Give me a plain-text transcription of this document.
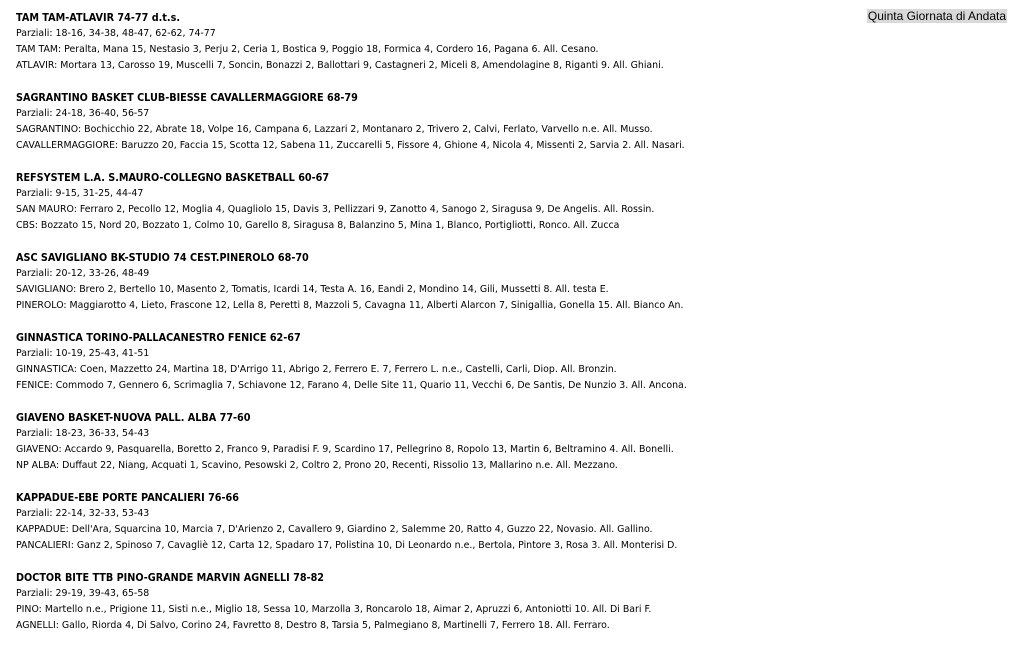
Quinta Giornata di Andata
TAM TAM-ATLAVIR 74-77 d.t.s.
Parziali: 18-16, 34-38, 48-47, 62-62, 74-77
TAM TAM: Peralta, Mana 15, Nestasio 3, Perju 2, Ceria 1, Bostica 9, Poggio 18, Formica 4, Cordero 16, Pagana 6. All. Cesano.
ATLAVIR: Mortara 13, Carosso 19, Muscelli 7, Soncin, Bonazzi 2, Ballottari 9, Castagneri 2, Miceli 8, Amendolagine 8, Riganti 9. All. Ghiani.
SAGRANTINO BASKET CLUB-BIESSE CAVALLERMAGGIORE 68-79
Parziali: 24-18, 36-40, 56-57
SAGRANTINO: Bochicchio 22, Abrate 18, Volpe 16, Campana 6, Lazzari 2, Montanaro 2, Trivero 2, Calvi, Ferlato, Varvello n.e. All. Musso.
CAVALLERMAGGIORE: Baruzzo 20, Faccia 15, Scotta 12, Sabena 11, Zuccarelli 5, Fissore 4, Ghione 4, Nicola 4, Missenti 2, Sarvia 2. All. Nasari.
REFSYSTEM L.A. S.MAURO-COLLEGNO BASKETBALL 60-67
Parziali: 9-15, 31-25, 44-47
SAN MAURO: Ferraro 2, Pecollo 12, Moglia 4, Quagliolo 15, Davis 3, Pellizzari 9, Zanotto 4, Sanogo 2, Siragusa 9, De Angelis. All. Rossin.
CBS: Bozzato 15, Nord 20, Bozzato 1, Colmo 10, Garello 8, Siragusa 8, Balanzino 5, Mina 1, Blanco, Portigliotti, Ronco. All. Zucca
ASC SAVIGLIANO BK-STUDIO 74 CEST.PINEROLO 68-70
Parziali: 20-12, 33-26, 48-49
SAVIGLIANO: Brero 2, Bertello 10, Masento 2, Tomatis, Icardi 14, Testa A. 16, Eandi 2, Mondino 14, Gili, Mussetti 8. All. testa E.
PINEROLO: Maggiarotto 4, Lieto, Frascone 12, Lella 8, Peretti 8, Mazzoli 5, Cavagna 11, Alberti Alarcon 7, Sinigallia, Gonella 15. All. Bianco An.
GINNASTICA TORINO-PALLACANESTRO FENICE 62-67
Parziali: 10-19, 25-43, 41-51
GINNASTICA: Coen, Mazzetto 24, Martina 18, D'Arrigo 11, Abrigo 2, Ferrero E. 7, Ferrero L. n.e., Castelli, Carli, Diop. All. Bronzin.
FENICE: Commodo 7, Gennero 6, Scrimaglia 7, Schiavone 12, Farano 4, Delle Site 11, Quario 11, Vecchi 6, De Santis, De Nunzio 3. All. Ancona.
GIAVENO BASKET-NUOVA PALL. ALBA 77-60
Parziali: 18-23, 36-33, 54-43
GIAVENO: Accardo 9, Pasquarella, Boretto 2, Franco 9, Paradisi F. 9, Scardino 17, Pellegrino 8, Ropolo 13, Martin 6, Beltramino 4. All. Bonelli.
NP ALBA: Duffaut 22, Niang, Acquati 1, Scavino, Pesowski 2, Coltro 2, Prono 20, Recenti, Rissolio 13, Mallarino n.e. All. Mezzano.
KAPPADUE-EBE PORTE PANCALIERI 76-66
Parziali: 22-14, 32-33, 53-43
KAPPADUE: Dell'Ara, Squarcina 10, Marcia 7, D'Arienzo 2, Cavallero 9, Giardino 2, Salemme 20, Ratto 4, Guzzo 22, Novasio. All. Gallino.
PANCALIERI: Ganz 2, Spinoso 7, Cavagliè 12, Carta 12, Spadaro 17, Polistina 10, Di Leonardo n.e., Bertola, Pintore 3, Rosa 3. All. Monterisi D.
DOCTOR BITE TTB PINO-GRANDE MARVIN AGNELLI 78-82
Parziali: 29-19, 39-43, 65-58
PINO: Martello n.e., Prigione 11, Sisti n.e., Miglio 18, Sessa 10, Marzolla 3, Roncarolo 18, Aimar 2, Apruzzi 6, Antoniotti 10. All. Di Bari F.
AGNELLI: Gallo, Riorda 4, Di Salvo, Corino 24, Favretto 8, Destro 8, Tarsia 5, Palmegiano 8, Martinelli 7, Ferrero 18. All. Ferraro.
